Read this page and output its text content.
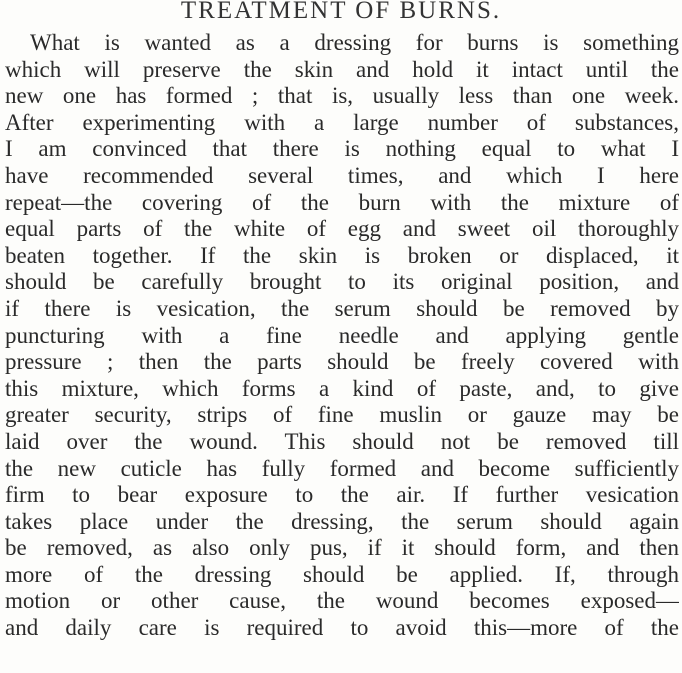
TREATMENT OF BURNS.
What is wanted as a dressing for burns is something
which will preserve the skin and hold it intact until the
new one has formed ; that is, usually less than one week.
After experimenting with a large number of substances,
I am convinced that there is nothing equal to what I
have recommended several times, and which I here
repeat—the covering of the burn with the mixture of
equal parts of the white of egg and sweet oil thoroughly
beaten together. If the skin is broken or displaced, it
should be carefully brought to its original position, and
if there is vesication, the serum should be removed by
puncturing with a fine needle and applying gentle
pressure ; then the parts should be freely covered with
this mixture, which forms a kind of paste, and, to give
greater security, strips of fine muslin or gauze may be
laid over the wound. This should not be removed till
the new cuticle has fully formed and become sufficiently
firm to bear exposure to the air. If further vesication
takes place under the dressing, the serum should again
be removed, as also only pus, if it should form, and then
more of the dressing should be applied. If, through
motion or other cause, the wound becomes exposed—
and daily care is required to avoid this—more of the
